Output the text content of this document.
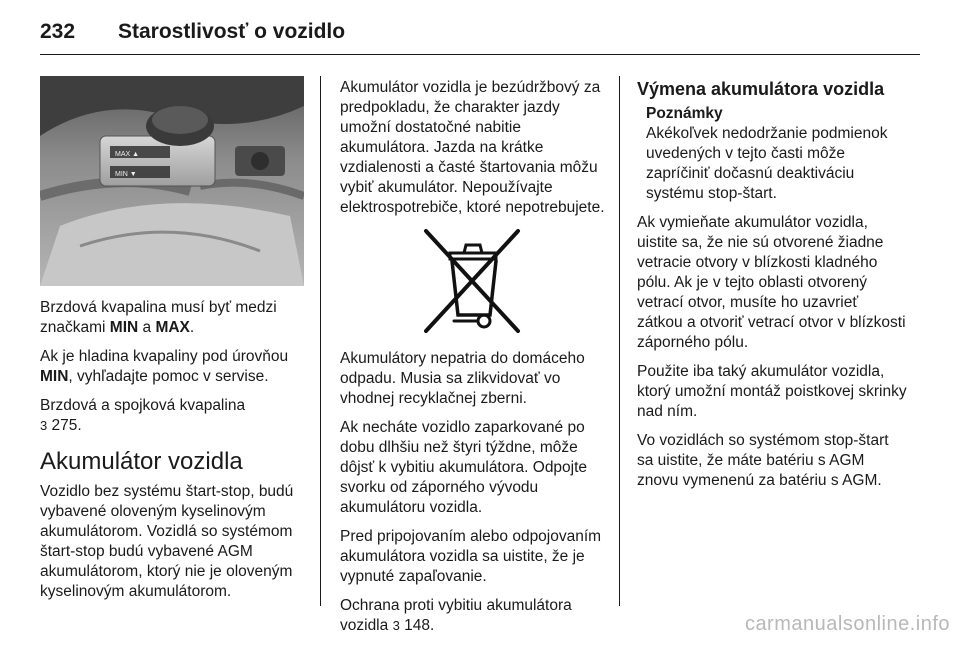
232 Starostlivosť o vozidlo
MAX ▲
MIN ▼

Brzdová kvapalina musí byť medzi značkami MIN a MAX.

Ak je hladina kvapaliny pod úrovňou MIN, vyhľadajte pomoc v servise.

Brzdová a spojková kvapalina
3 275.

Akumulátor vozidla

Vozidlo bez systému štart-stop, budú vybavené oloveným kyselinovým akumulátorom. Vozidlá so systémom štart-stop budú vybavené AGM akumulátorom, ktorý nie je oloveným kyselinovým akumulátorom.

Akumulátor vozidla je bezúdržbový za predpokladu, že charakter jazdy umožní dostatočné nabitie akumulátora. Jazda na krátke vzdialenosti a časté štartovania môžu vybiť akumulátor. Nepoužívajte elektrospotrebiče, ktoré nepotrebujete.

Akumulátory nepatria do domáceho odpadu. Musia sa zlikvidovať vo vhodnej recyklačnej zberni.

Ak necháte vozidlo zaparkované po dobu dlhšiu než štyri týždne, môže dôjsť k vybitiu akumulátora. Odpojte svorku od záporného vývodu akumulátoru vozidla.

Pred pripojovaním alebo odpojovaním akumulátora vozidla sa uistite, že je vypnuté zapaľovanie.

Ochrana proti vybitiu akumulátora vozidla 3 148.

Výmena akumulátora vozidla
Poznámky
Akékoľvek nedodržanie podmienok uvedených v tejto časti môže zapríčiniť dočasnú deaktiváciu systému stop-štart.

Ak vymieňate akumulátor vozidla, uistite sa, že nie sú otvorené žiadne vetracie otvory v blízkosti kladného pólu. Ak je v tejto oblasti otvorený vetrací otvor, musíte ho uzavrieť zátkou a otvoriť vetrací otvor v blízkosti záporného pólu.

Použite iba taký akumulátor vozidla, ktorý umožní montáž poistkovej skrinky nad ním.

Vo vozidlách so systémom stop-štart sa uistite, že máte batériu s AGM znovu vymenenú za batériu s AGM.

carmanualsonline.info
